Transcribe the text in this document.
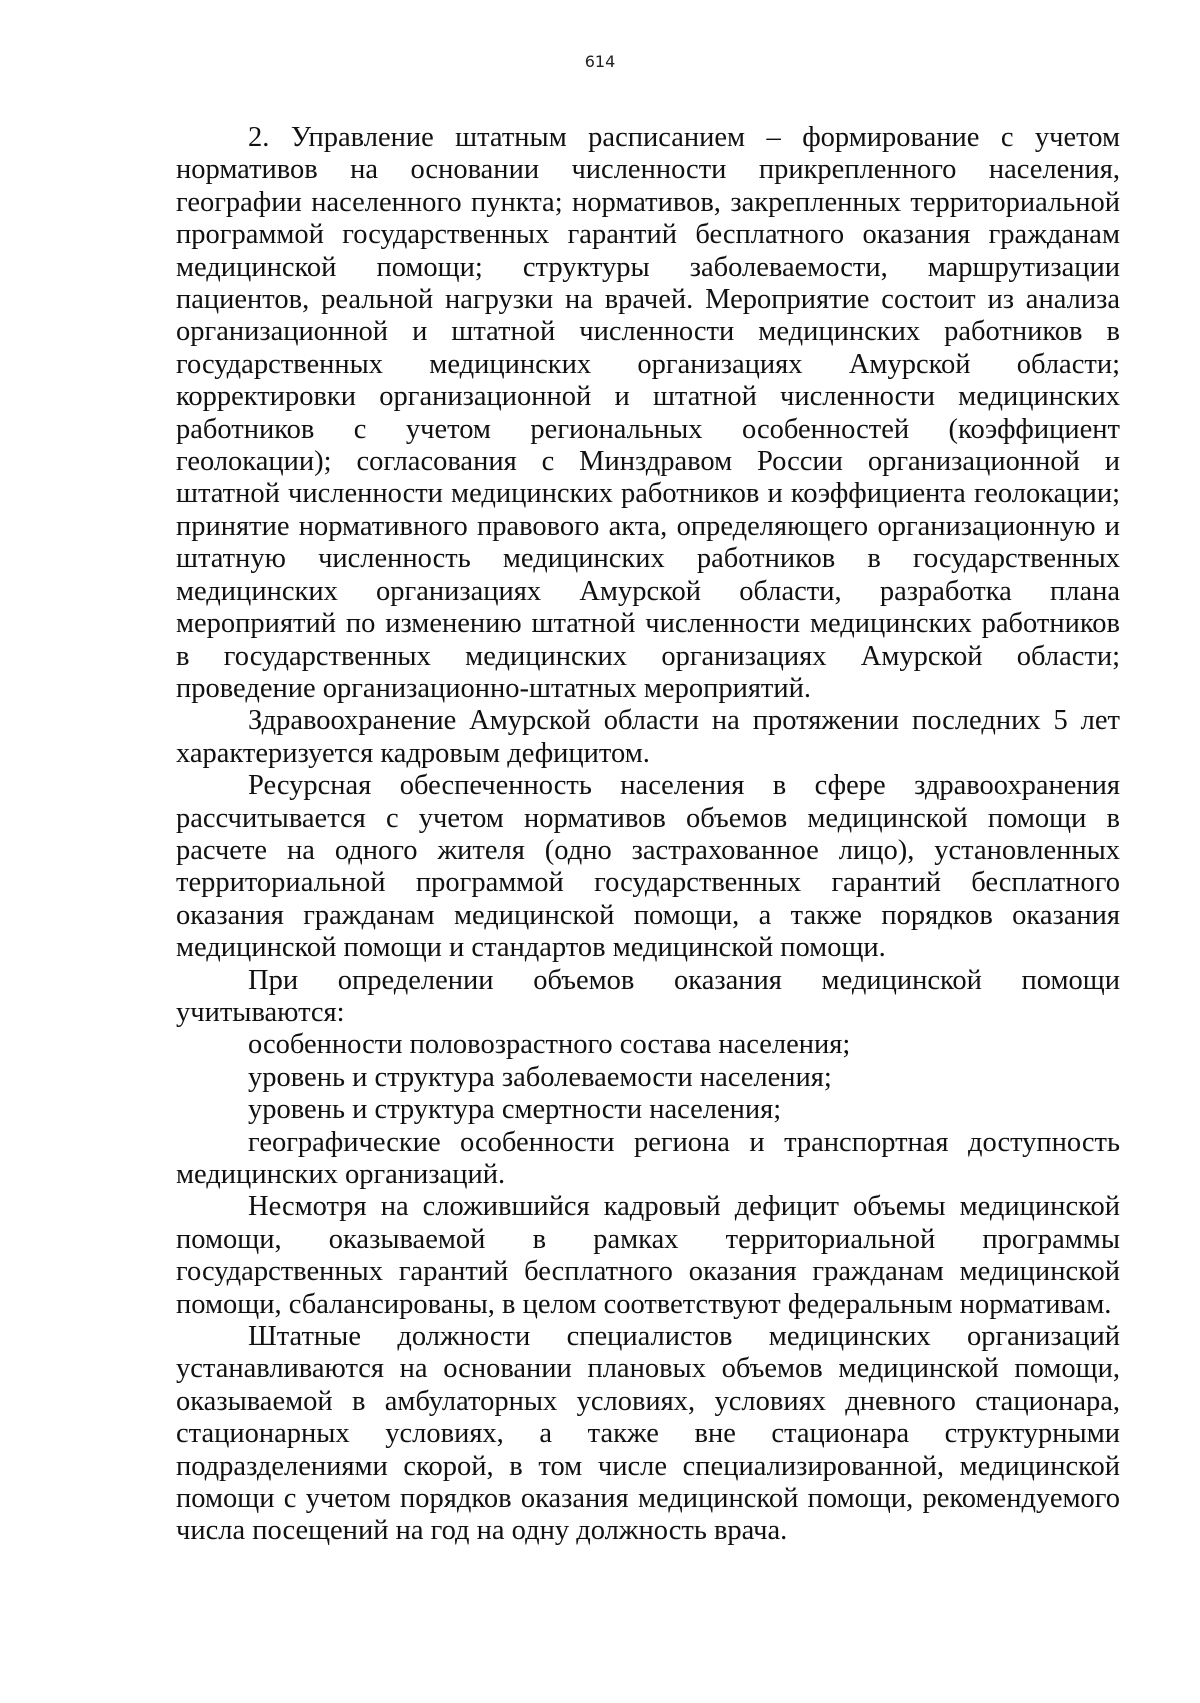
614

2. Управление штатным расписанием – формирование с учетом нормативов на основании численности прикрепленного населения, географии населенного пункта; нормативов, закрепленных территориальной программой государственных гарантий бесплатного оказания гражданам медицинской помощи; структуры заболеваемости, маршрутизации пациентов, реальной нагрузки на врачей. Мероприятие состоит из анализа организационной и штатной численности медицинских работников в государственных медицинских организациях Амурской области; корректировки организационной и штатной численности медицинских работников с учетом региональных особенностей (коэффициент геолокации); согласования с Минздравом России организационной и штатной численности медицинских работников и коэффициента геолокации; принятие нормативного правового акта, определяющего организационную и штатную численность медицинских работников в государственных медицинских организациях Амурской области, разработка плана мероприятий по изменению штатной численности медицинских работников в государственных медицинских организациях Амурской области; проведение организационно-штатных мероприятий.

Здравоохранение Амурской области на протяжении последних 5 лет характеризуется кадровым дефицитом.

Ресурсная обеспеченность населения в сфере здравоохранения рассчитывается с учетом нормативов объемов медицинской помощи в расчете на одного жителя (одно застрахованное лицо), установленных территориальной программой государственных гарантий бесплатного оказания гражданам медицинской помощи, а также порядков оказания медицинской помощи и стандартов медицинской помощи.

При определении объемов оказания медицинской помощи учитываются:

особенности половозрастного состава населения;

уровень и структура заболеваемости населения;

уровень и структура смертности населения;

географические особенности региона и транспортная доступность медицинских организаций.

Несмотря на сложившийся кадровый дефицит объемы медицинской помощи, оказываемой в рамках территориальной программы государственных гарантий бесплатного оказания гражданам медицинской помощи, сбалансированы, в целом соответствуют федеральным нормативам.

Штатные должности специалистов медицинских организаций устанавливаются на основании плановых объемов медицинской помощи, оказываемой в амбулаторных условиях, условиях дневного стационара, стационарных условиях, а также вне стационара структурными подразделениями скорой, в том числе специализированной, медицинской помощи с учетом порядков оказания медицинской помощи, рекомендуемого числа посещений на год на одну должность врача.
